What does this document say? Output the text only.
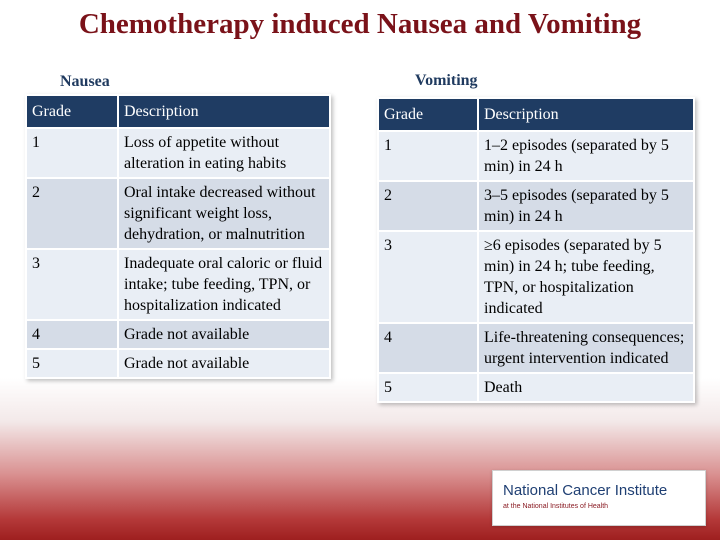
Chemotherapy induced Nausea and Vomiting
Nausea	Vomiting
Grade	Description
1	Loss of appetite without alteration in eating habits
2	Oral intake decreased without significant weight loss, dehydration, or malnutrition
3	Inadequate oral caloric or fluid intake; tube feeding, TPN, or hospitalization indicated
4	Grade not available
5	Grade not available
Grade	Description
1	1–2 episodes (separated by 5 min) in 24 h
2	3–5 episodes (separated by 5 min) in 24 h
3	≥6 episodes (separated by 5 min) in 24 h; tube feeding, TPN, or hospitalization indicated
4	Life-threatening consequences; urgent intervention indicated
5	Death
National Cancer Institute
at the National Institutes of Health
